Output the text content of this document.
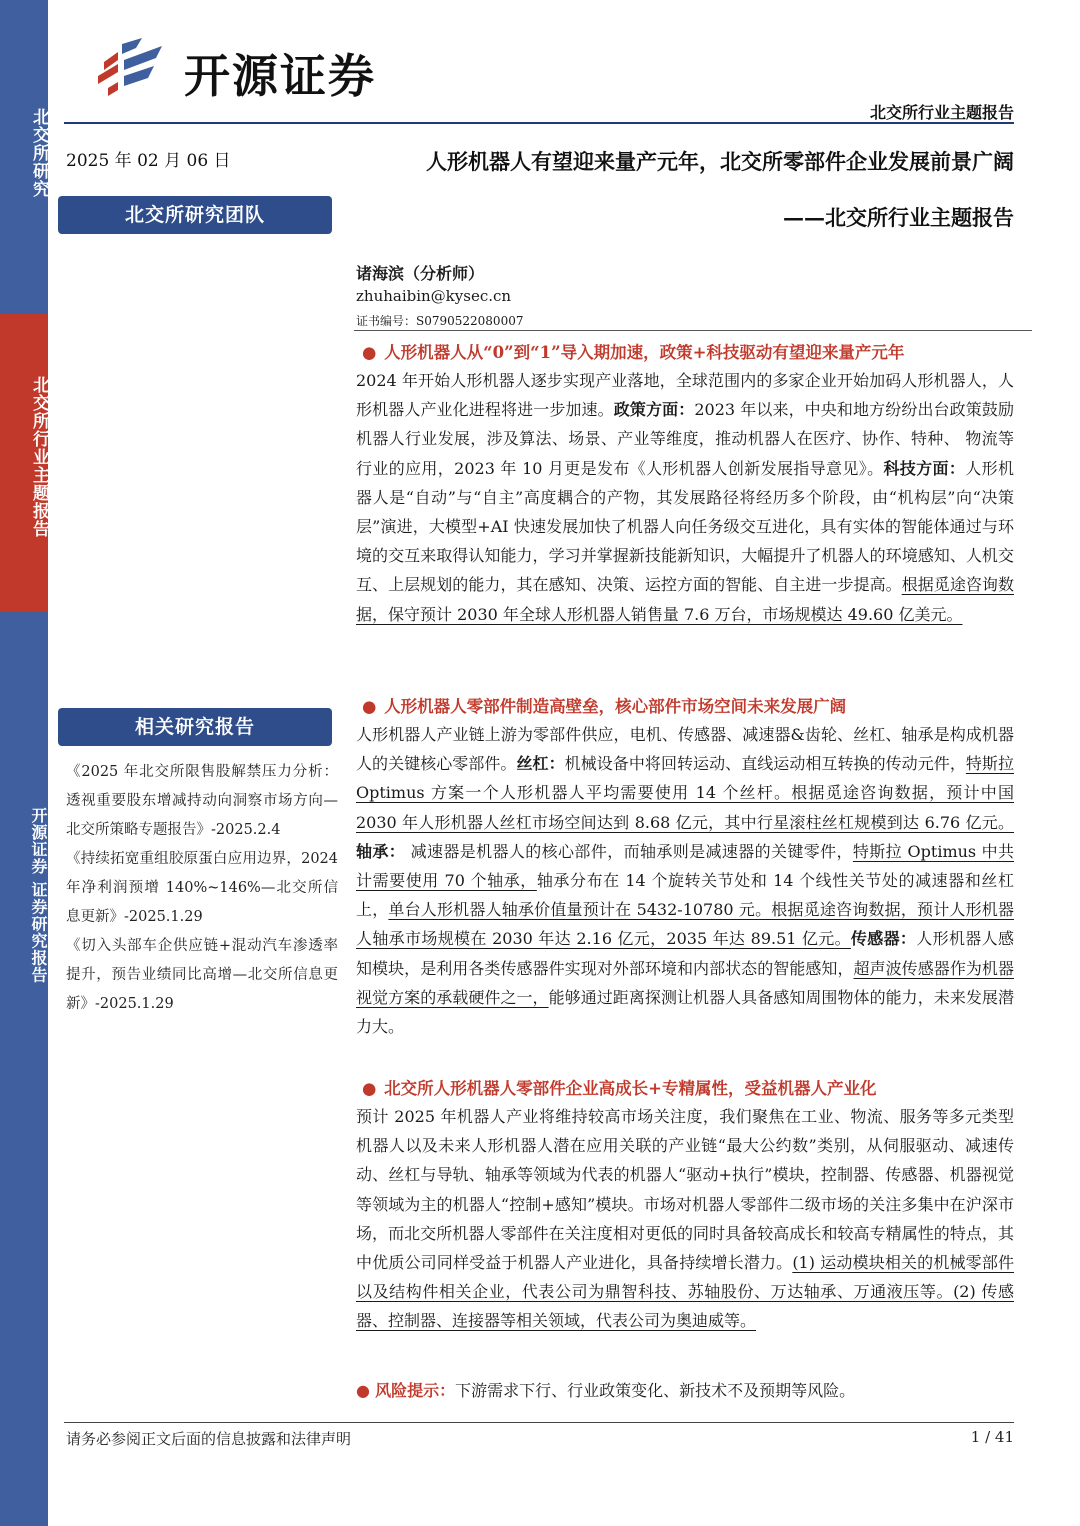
北交所研究
北交所行业主题报告
开源证券 证券研究报告
开源证券
北交所行业主题报告
2025 年 02 月 06 日
北交所研究团队
相关研究报告
《2025 年北交所限售股解禁压力分析：透视重要股东增减持动向洞察市场方向—北交所策略专题报告》-2025.2.4
《持续拓宽重组胶原蛋白应用边界，2024 年净利润预增 140%~146%—北交所信息更新》-2025.1.29
《切入头部车企供应链+混动汽车渗透率提升，预告业绩同比高增—北交所信息更新》-2025.1.29
人形机器人有望迎来量产元年，北交所零部件企业发展前景广阔
——北交所行业主题报告
诸海滨（分析师）
zhuhaibin@kysec.cn
证书编号：S0790522080007
● 人形机器人从“0”到“1”导入期加速，政策+科技驱动有望迎来量产元年
2024 年开始人形机器人逐步实现产业落地，全球范围内的多家企业开始加码人形机器人，人形机器人产业化进程将进一步加速。政策方面：2023 年以来，中央和地方纷纷出台政策鼓励机器人行业发展，涉及算法、场景、产业等维度，推动机器人在医疗、协作、特种、 物流等行业的应用，2023 年 10 月更是发布《人形机器人创新发展指导意见》。科技方面：人形机器人是“自动”与“自主”高度耦合的产物，其发展路径将经历多个阶段，由“机构层”向“决策层”演进，大模型+AI 快速发展加快了机器人向任务级交互进化，具有实体的智能体通过与环境的交互来取得认知能力，学习并掌握新技能新知识，大幅提升了机器人的环境感知、人机交互、上层规划的能力，其在感知、决策、运控方面的智能、自主进一步提高。根据觅途咨询数据，保守预计 2030 年全球人形机器人销售量 7.6 万台，市场规模达 49.60 亿美元。
● 人形机器人零部件制造高壁垒，核心部件市场空间未来发展广阔
人形机器人产业链上游为零部件供应，电机、传感器、减速器&齿轮、丝杠、轴承是构成机器人的关键核心零部件。丝杠：机械设备中将回转运动、直线运动相互转换的传动元件，特斯拉 Optimus 方案一个人形机器人平均需要使用 14 个丝杆。根据觅途咨询数据，预计中国 2030 年人形机器人丝杠市场空间达到 8.68 亿元，其中行星滚柱丝杠规模到达 6.76 亿元。轴承： 减速器是机器人的核心部件，而轴承则是减速器的关键零件，特斯拉 Optimus 中共计需要使用 70 个轴承，轴承分布在 14 个旋转关节处和 14 个线性关节处的减速器和丝杠上，单台人形机器人轴承价值量预计在 5432-10780 元。根据觅途咨询数据，预计人形机器人轴承市场规模在 2030 年达 2.16 亿元，2035 年达 89.51 亿元。传感器：人形机器人感知模块，是利用各类传感器件实现对外部环境和内部状态的智能感知，超声波传感器作为机器视觉方案的承载硬件之一，能够通过距离探测让机器人具备感知周围物体的能力，未来发展潜力大。
● 北交所人形机器人零部件企业高成长+专精属性，受益机器人产业化
预计 2025 年机器人产业将维持较高市场关注度，我们聚焦在工业、物流、服务等多元类型机器人以及未来人形机器人潜在应用关联的产业链“最大公约数”类别，从伺服驱动、减速传动、丝杠与导轨、轴承等领域为代表的机器人“驱动+执行”模块，控制器、传感器、机器视觉等领域为主的机器人“控制+感知”模块。市场对机器人零部件二级市场的关注多集中在沪深市场，而北交所机器人零部件在关注度相对更低的同时具备较高成长和较高专精属性的特点，其中优质公司同样受益于机器人产业进化，具备持续增长潜力。(1) 运动模块相关的机械零部件以及结构件相关企业，代表公司为鼎智科技、苏轴股份、万达轴承、万通液压等。(2) 传感器、控制器、连接器等相关领域，代表公司为奥迪威等。
● 风险提示：下游需求下行、行业政策变化、新技术不及预期等风险。
请务必参阅正文后面的信息披露和法律声明	1 / 41
